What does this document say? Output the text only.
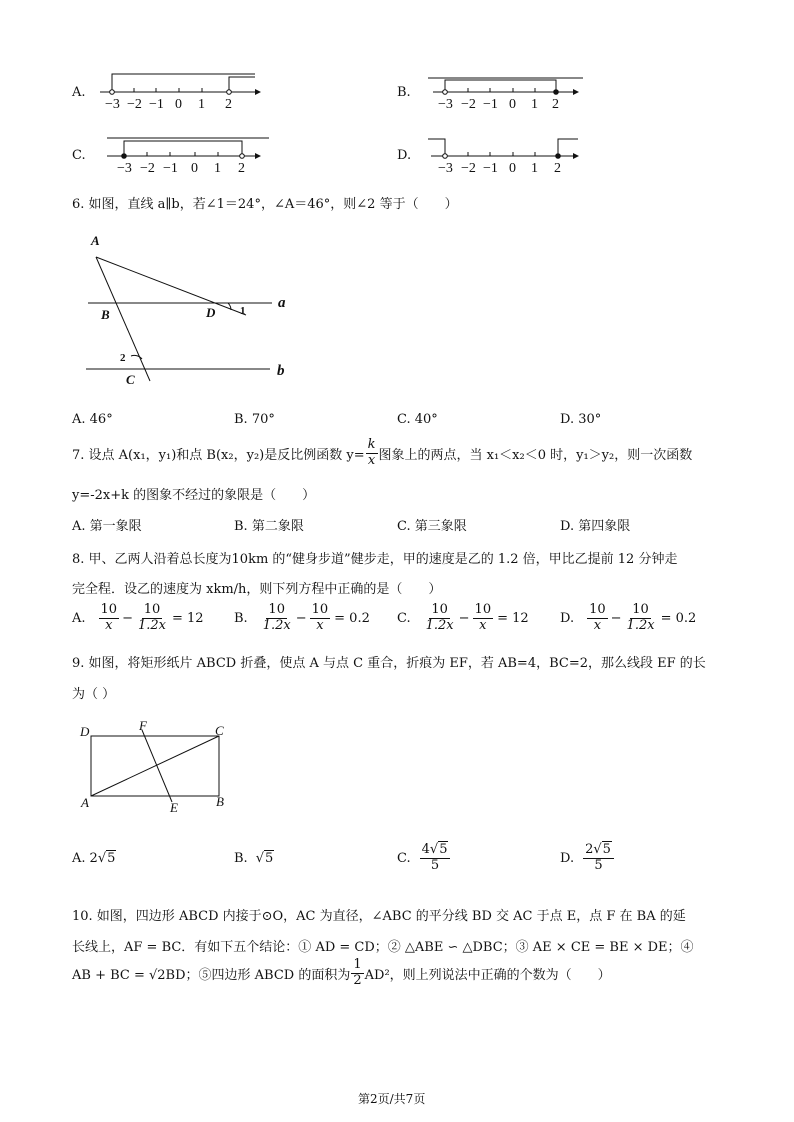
A.
−3 −2 −1 0 1 2
B.
−3 −2 −1 0 1 2
C.
−3 −2 −1 0 1 2
D.
−3 −2 −1 0 1 2
6. 如图，直线 a∥b，若∠1＝24°，∠A＝46°，则∠2 等于（　　）
A
B
C
D
a
b
1
2
A. 46°	B. 70°	C. 40°	D. 30°
7. 设点 A(x₁，y₁)和点 B(x₂，y₂)是反比例函数 $y= \frac{k}{x}$ 图象上的两点，当 x₁＜x₂＜0 时，y₁＞y₂，则一次函数
y=-2x+k 的图象不经过的象限是（　　）
A. 第一象限	B. 第二象限	C. 第三象限	D. 第四象限
8. 甲、乙两人沿着总长度为10km 的“健身步道”健步走，甲的速度是乙的 1.2 倍，甲比乙提前 12 分钟走
完全程．设乙的速度为 xkm/h，则下列方程中正确的是（　　）
A. $\frac{10}{x} - \frac{10}{1.2x} = 12$ B. $\frac{10}{1.2x} - \frac{10}{x} = 0.2$ C. $\frac{10}{1.2x} - \frac{10}{x} = 12$ D. $\frac{10}{x} - \frac{10}{1.2x} = 0.2$
9. 如图，将矩形纸片 ABCD 折叠，使点 A 与点 C 重合，折痕为 EF，若 AB=4，BC=2，那么线段 EF 的长
为（ ）
D	F	C
A	E	B
A. 2 √ 5	B. √ 5	C. $\frac{4√5}{5}$	D. $\frac{2√5}{5}$
10. 如图，四边形 ABCD 内接于⊙O，AC 为直径，∠ABC 的平分线 BD 交 AC 于点 E，点 F 在 BA 的延
长线上，AF = BC．有如下五个结论：① AD = CD；② △ABE ∽ △DBC；③ AE × CE = BE × DE；④
AB + BC = √2BD；⑤四边形 ABCD 的面积为 $\frac{1}{2} AD^2$，则上列说法中正确的个数为（　　）
第2页/共7页
